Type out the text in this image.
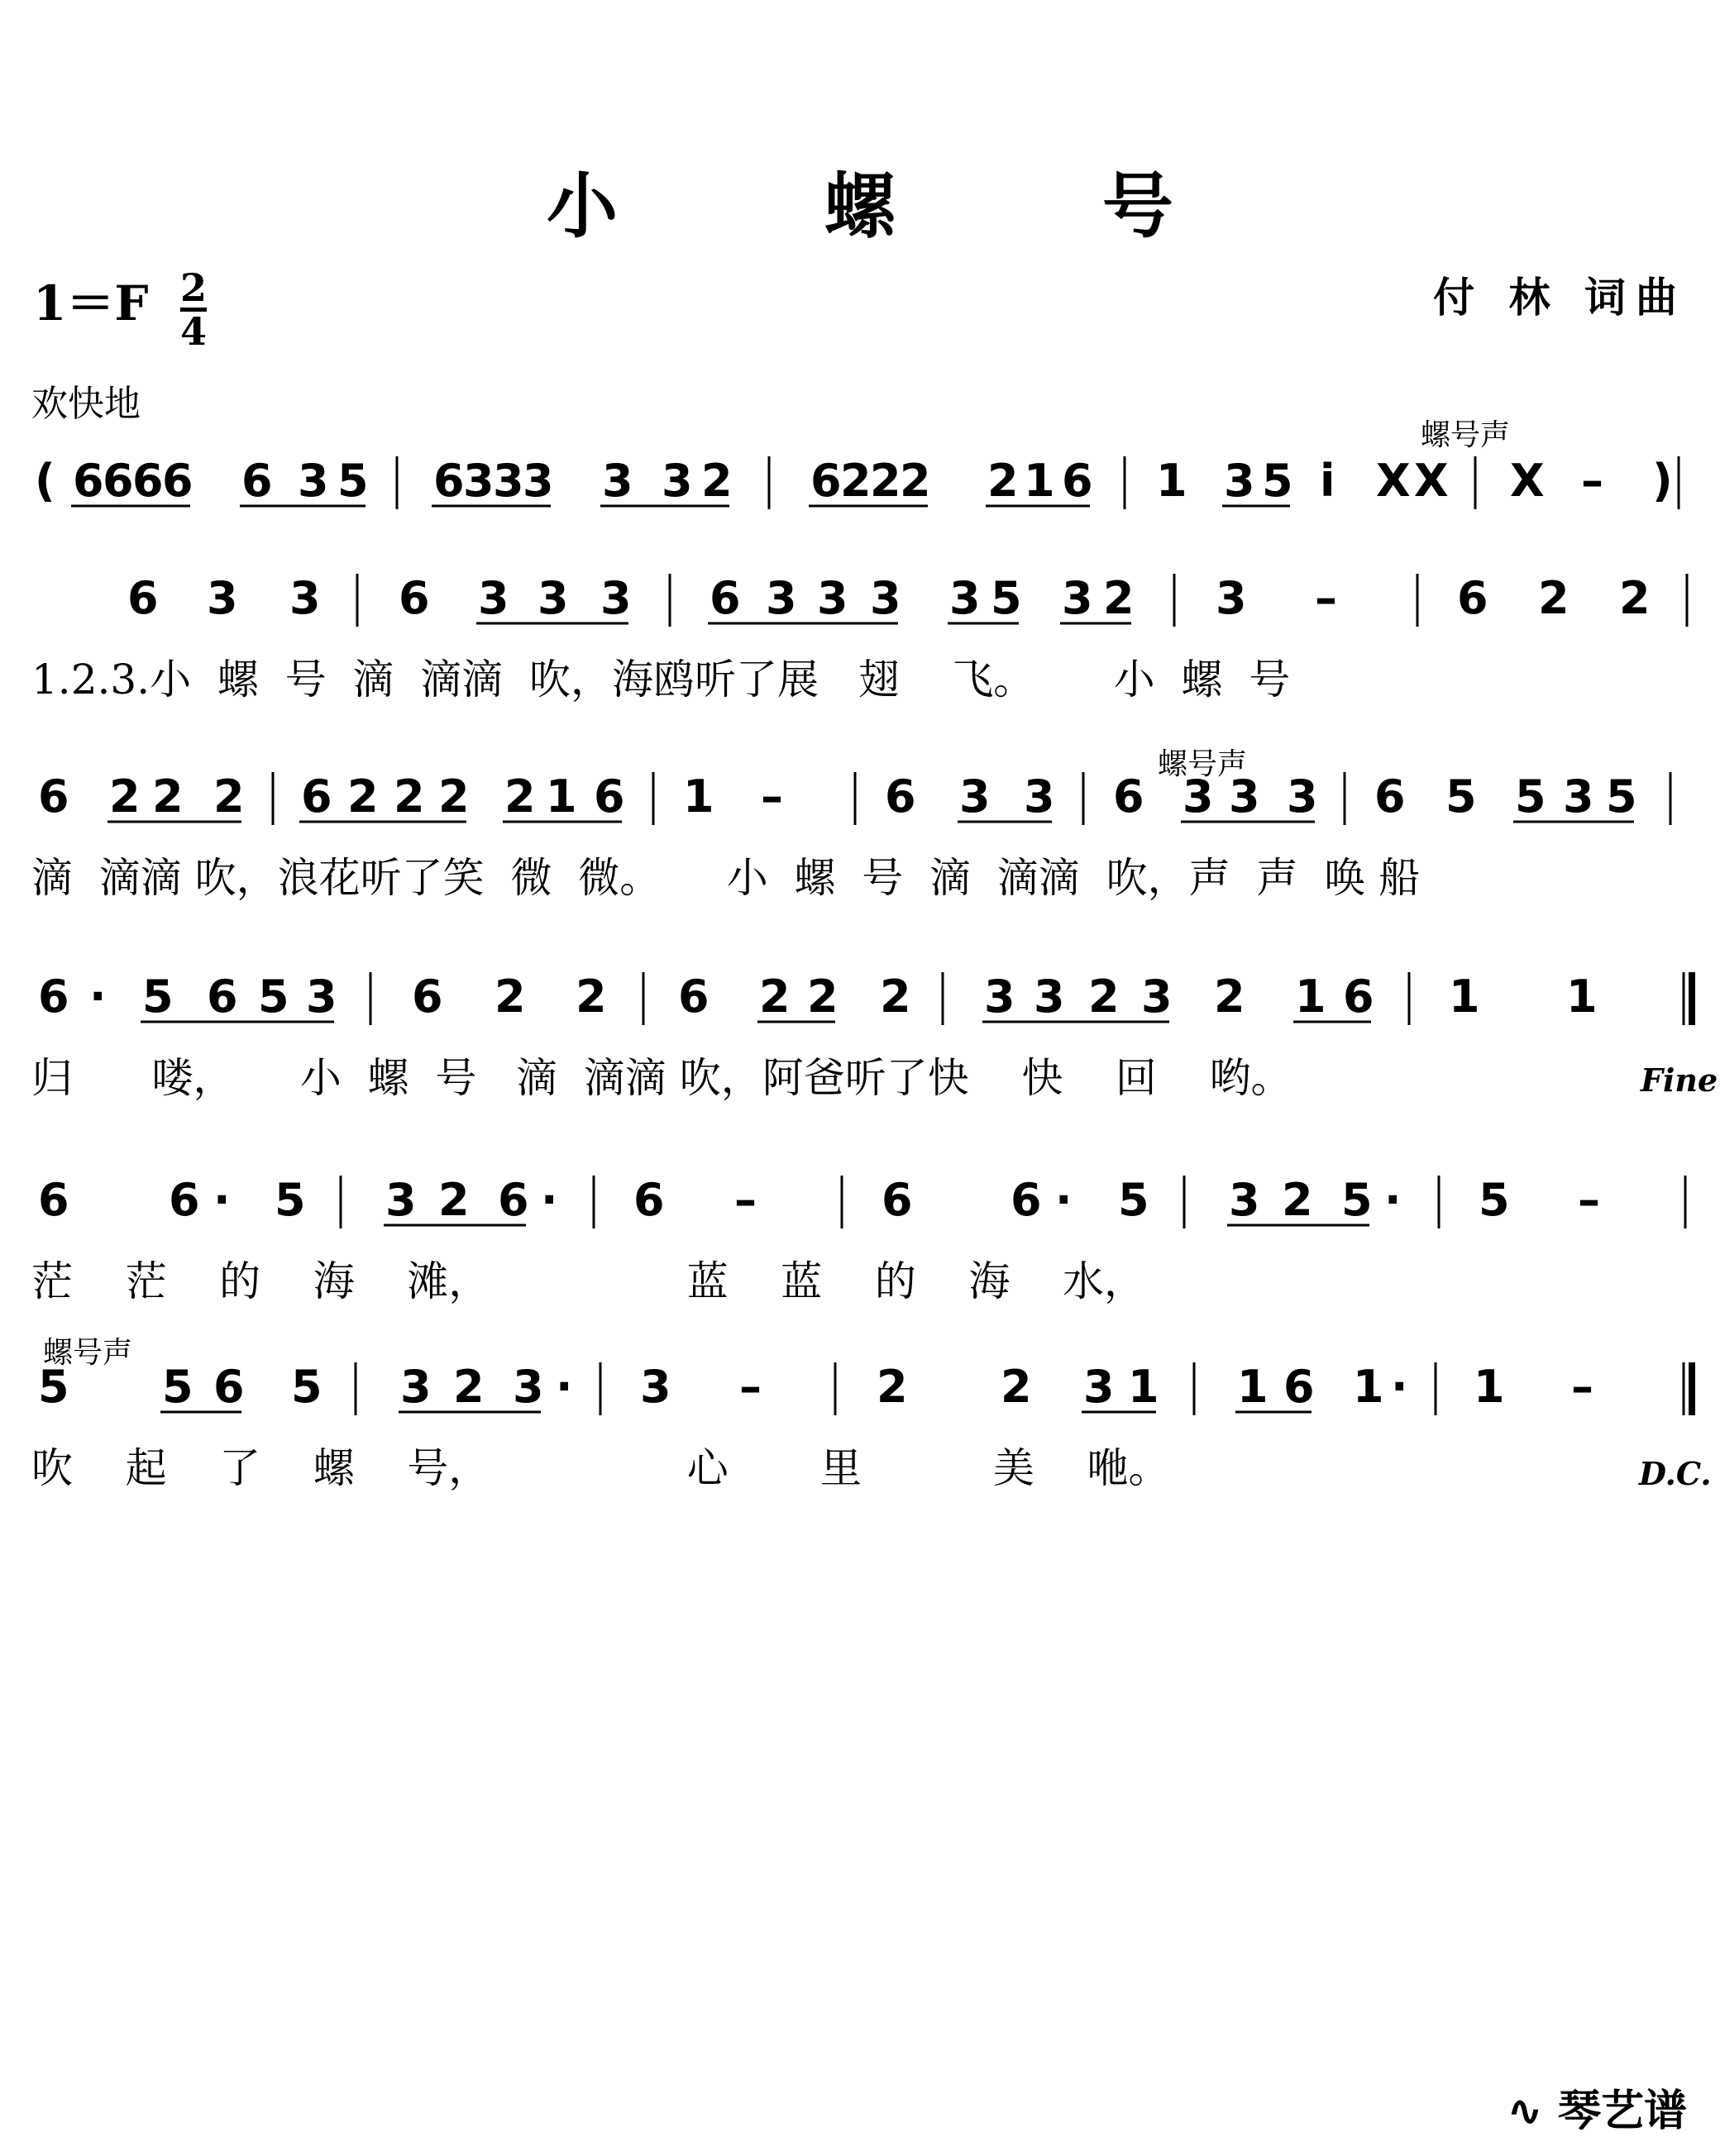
小 螺 号
1＝F 2
4
付 林 词曲
欢快地
螺号声
螺号声
螺号声
Fine
D.C.
( 6
6
6
6 6 3 5 6
3
3
3 3 3 2 6
2
2
2 2 1 6 1 3 5 i X X X – )
6 3 3 6 3 3 3 6 3 3 3 3 5 3 2 3 –	6 2 2
6 2 2 2 6 2 2 2 2 1 6 1 – 6 3 3 6 3 3 3 6 5 5 3 5
6 · 5 6 5 3 6 2 2 6 2 2 2 3 3 2 3 2 1 6 1 1
6 6 · 5 3 2 6 · 6 –	6 6 · 5 3 2 5 · 5 –
5 5 6 5 3 2 3 · 3 –	2 2 3 1 1 6 1 · 1 –
1.2.3.小  螺  号  滴  滴滴  吹，海鸥听了展   翅    飞。      小  螺  号
滴  滴滴 吹，浪花听了笑  微  微。     小  螺  号  滴  滴滴  吹，声  声  唤 船
归      喽，     小  螺  号   滴  滴滴 吹，阿爸听了快    快    回    哟。
茫    茫    的    海    滩，               蓝    蓝    的    海    水，
吹    起    了    螺    号，               心       里          美    咃。
∿ 琴艺谱
